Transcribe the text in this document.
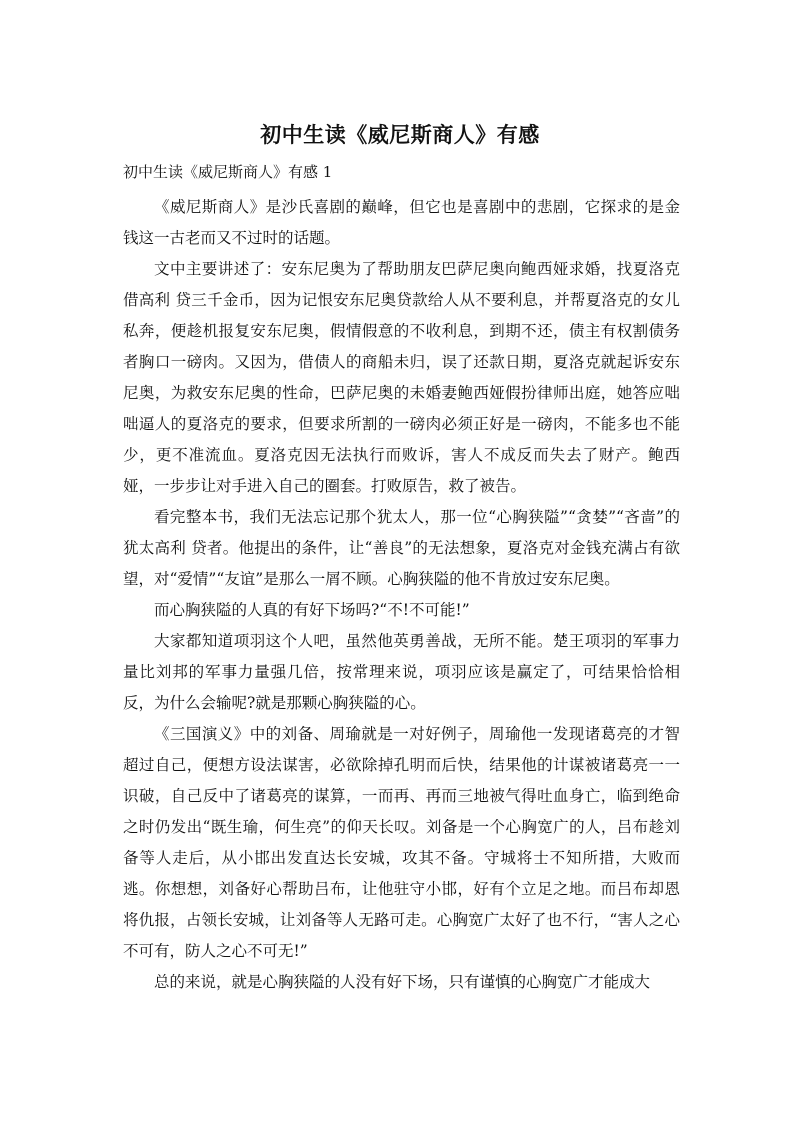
初中生读《威尼斯商人》有感
初中生读《威尼斯商人》有感 1

《威尼斯商人》是沙氏喜剧的巅峰，但它也是喜剧中的悲剧，它探求的是金钱这一古老而又不过时的话题。

文中主要讲述了：安东尼奥为了帮助朋友巴萨尼奥向鲍西娅求婚，找夏洛克借高利 贷三千金币，因为记恨安东尼奥贷款给人从不要利息，并帮夏洛克的女儿私奔，便趁机报复安东尼奥，假情假意的不收利息，到期不还，债主有权割债务者胸口一磅肉。又因为，借债人的商船未归，误了还款日期，夏洛克就起诉安东尼奥，为救安东尼奥的性命，巴萨尼奥的未婚妻鲍西娅假扮律师出庭，她答应咄咄逼人的夏洛克的要求，但要求所割的一磅肉必须正好是一磅肉，不能多也不能少，更不准流血。夏洛克因无法执行而败诉，害人不成反而失去了财产。鲍西娅，一步步让对手进入自己的圈套。打败原告，救了被告。

看完整本书，我们无法忘记那个犹太人，那一位“心胸狭隘”“贪婪”“吝啬”的犹太高利 贷者。他提出的条件，让“善良”的无法想象，夏洛克对金钱充满占有欲望，对“爱情”“友谊”是那么一屑不顾。心胸狭隘的他不肯放过安东尼奥。

而心胸狭隘的人真的有好下场吗?“不!不可能!”

大家都知道项羽这个人吧，虽然他英勇善战，无所不能。楚王项羽的军事力量比刘邦的军事力量强几倍，按常理来说，项羽应该是赢定了，可结果恰恰相反，为什么会输呢?就是那颗心胸狭隘的心。

《三国演义》中的刘备、周瑜就是一对好例子，周瑜他一发现诸葛亮的才智超过自己，便想方设法谋害，必欲除掉孔明而后快，结果他的计谋被诸葛亮一一识破，自己反中了诸葛亮的谋算，一而再、再而三地被气得吐血身亡，临到绝命之时仍发出“既生瑜，何生亮”的仰天长叹。刘备是一个心胸宽广的人，吕布趁刘备等人走后，从小邯出发直达长安城，攻其不备。守城将士不知所措，大败而逃。你想想，刘备好心帮助吕布，让他驻守小邯，好有个立足之地。而吕布却恩将仇报，占领长安城，让刘备等人无路可走。心胸宽广太好了也不行，“害人之心不可有，防人之心不可无!”

总的来说，就是心胸狭隘的人没有好下场，只有谨慎的心胸宽广才能成大
